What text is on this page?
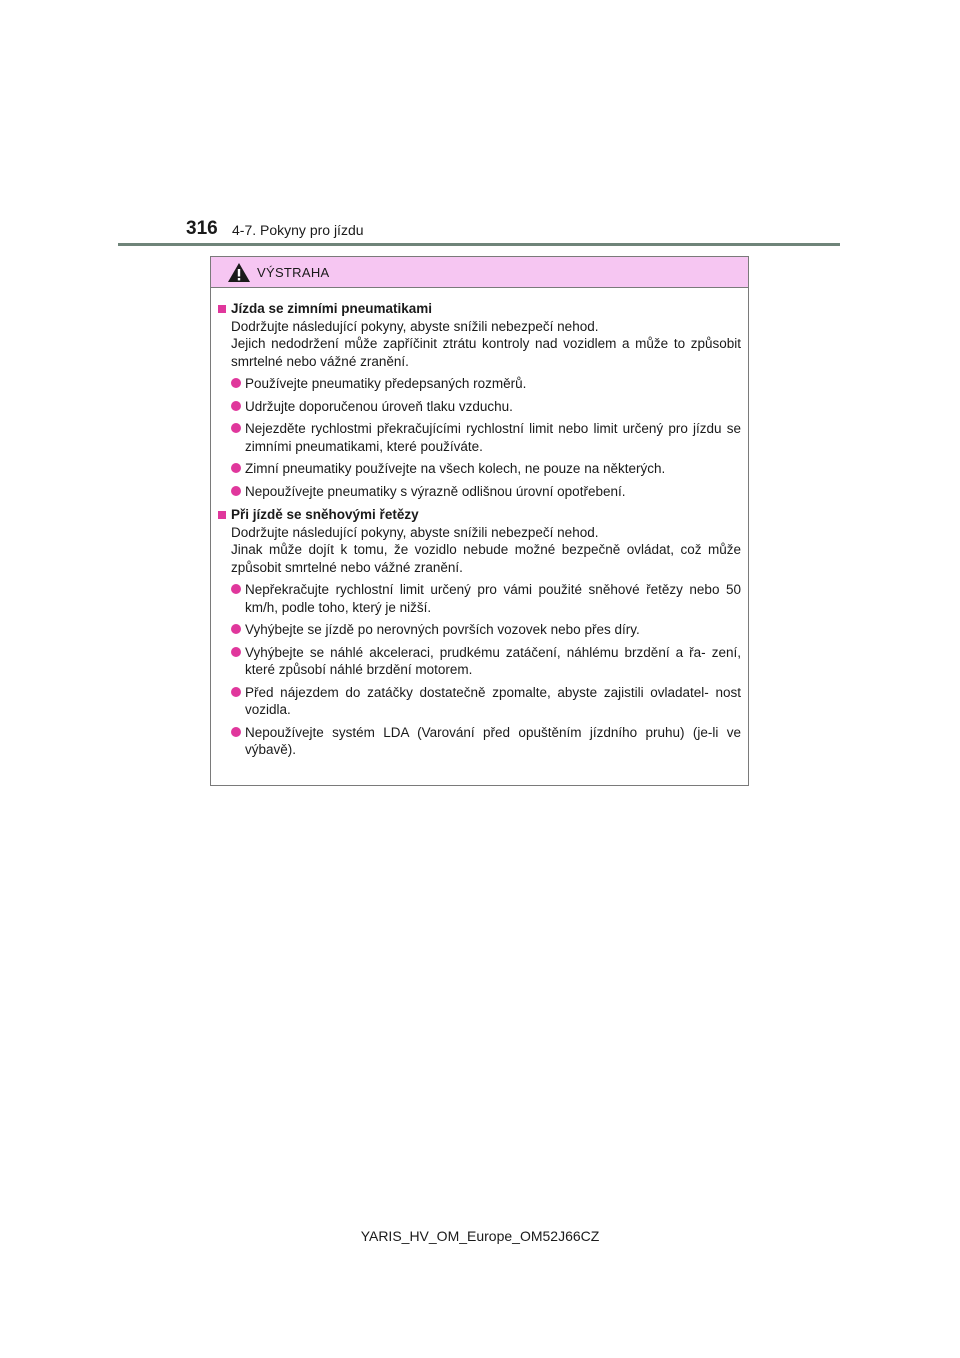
316 4-7. Pokyny pro jízdu
VÝSTRAHA
Jízda se zimními pneumatikami
Dodržujte následující pokyny, abyste snížili nebezpečí nehod.
Jejich nedodržení může zapříčinit ztrátu kontroly nad vozidlem a může to způsobit smrtelné nebo vážné zranění.
Používejte pneumatiky předepsaných rozměrů.
Udržujte doporučenou úroveň tlaku vzduchu.
Nejezděte rychlostmi překračujícími rychlostní limit nebo limit určený pro jízdu se zimními pneumatikami, které používáte.
Zimní pneumatiky používejte na všech kolech, ne pouze na některých.
Nepoužívejte pneumatiky s výrazně odlišnou úrovní opotřebení.
Při jízdě se sněhovými řetězy
Dodržujte následující pokyny, abyste snížili nebezpečí nehod.
Jinak může dojít k tomu, že vozidlo nebude možné bezpečně ovládat, což může způsobit smrtelné nebo vážné zranění.
Nepřekračujte rychlostní limit určený pro vámi použité sněhové řetězy nebo 50 km/h, podle toho, který je nižší.
Vyhýbejte se jízdě po nerovných površích vozovek nebo přes díry.
Vyhýbejte se náhlé akceleraci, prudkému zatáčení, náhlému brzdění a řa- zení, které způsobí náhlé brzdění motorem.
Před nájezdem do zatáčky dostatečně zpomalte, abyste zajistili ovladatel- nost vozidla.
Nepoužívejte systém LDA (Varování před opuštěním jízdního pruhu) (je-li ve výbavě).
YARIS_HV_OM_Europe_OM52J66CZ
